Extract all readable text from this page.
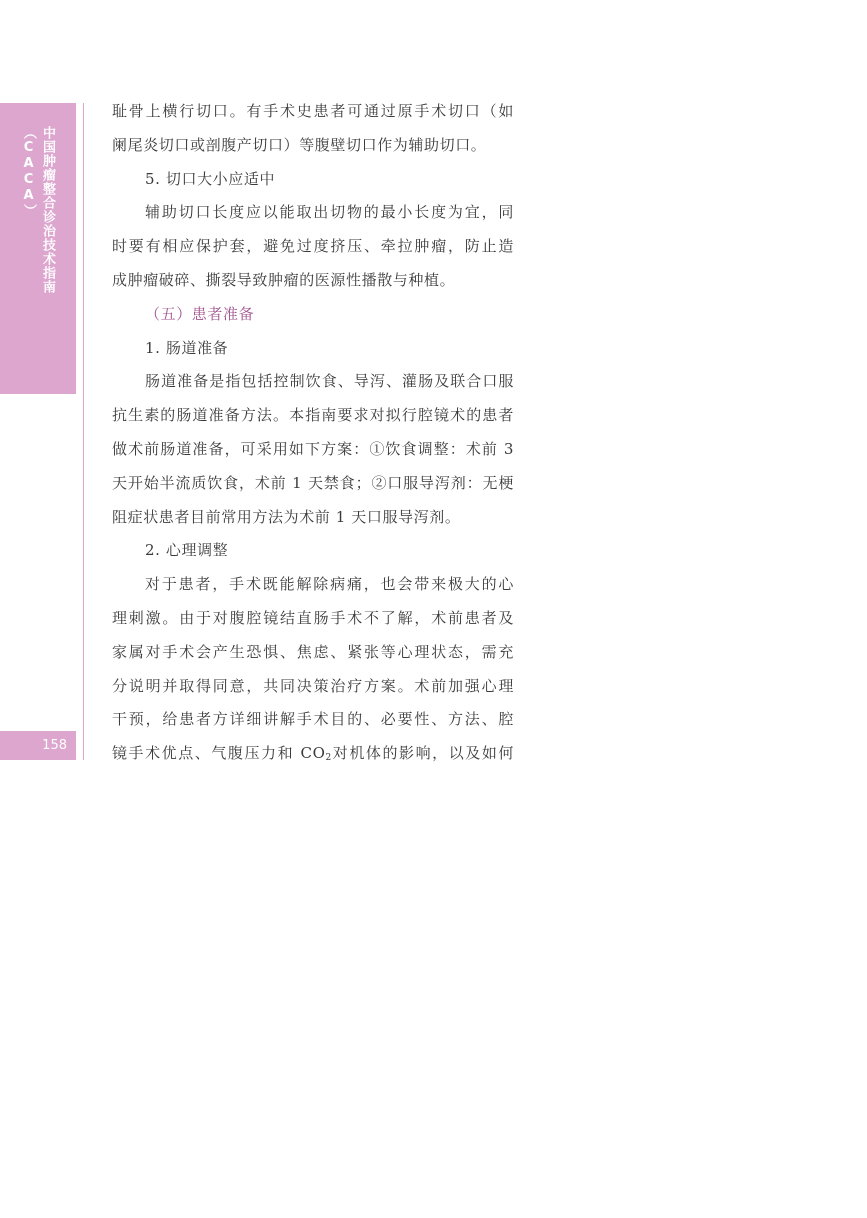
中国肿瘤整合诊治技术指南（CACA）
158

耻骨上横行切口。有手术史患者可通过原手术切口（如

阑尾炎切口或剖腹产切口）等腹壁切口作为辅助切口。

5. 切口大小应适中

辅助切口长度应以能取出切物的最小长度为宜，同

时要有相应保护套，避免过度挤压、牵拉肿瘤，防止造

成肿瘤破碎、撕裂导致肿瘤的医源性播散与种植。

（五）患者准备

1. 肠道准备

肠道准备是指包括控制饮食、导泻、灌肠及联合口服

抗生素的肠道准备方法。本指南要求对拟行腔镜术的患者

做术前肠道准备，可采用如下方案：①饮食调整：术前 3

天开始半流质饮食，术前 1 天禁食；②口服导泻剂：无梗

阻症状患者目前常用方法为术前 1 天口服导泻剂。

2. 心理调整

对于患者，手术既能解除病痛，也会带来极大的心

理刺激。由于对腹腔镜结直肠手术不了解，术前患者及

家属对手术会产生恐惧、焦虑、紧张等心理状态，需充

分说明并取得同意，共同决策治疗方案。术前加强心理

干预，给患者方详细讲解手术目的、必要性、方法、腔

镜手术优点、气腹压力和 $CO_2$对机体的影响，以及如何
